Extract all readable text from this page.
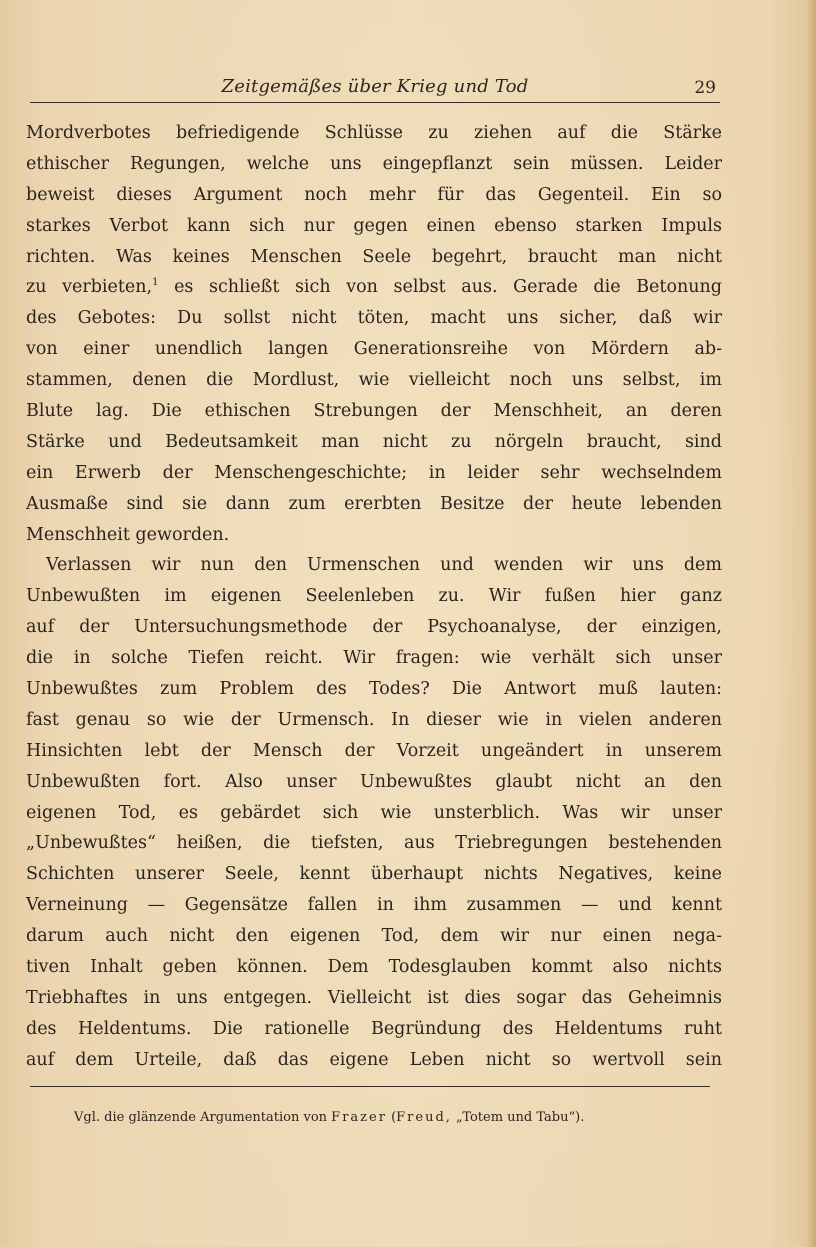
Zeitgemäßes über Krieg und Tod	29
Mordverbotes befriedigende Schlüsse zu ziehen auf die Stärke
ethischer Regungen, welche uns eingepflanzt sein müssen. Leider
beweist dieses Argument noch mehr für das Gegenteil. Ein so
starkes Verbot kann sich nur gegen einen ebenso starken Impuls
richten. Was keines Menschen Seele begehrt, braucht man nicht
zu verbieten,$^1$ es schließt sich von selbst aus. Gerade die Betonung
des Gebotes: Du sollst nicht töten, macht uns sicher, daß wir
von einer unendlich langen Generationsreihe von Mördern ab-
stammen, denen die Mordlust, wie vielleicht noch uns selbst, im
Blute lag. Die ethischen Strebungen der Menschheit, an deren
Stärke und Bedeutsamkeit man nicht zu nörgeln braucht, sind
ein Erwerb der Menschengeschichte; in leider sehr wechselndem
Ausmaße sind sie dann zum ererbten Besitze der heute lebenden
Menschheit geworden.
Verlassen wir nun den Urmenschen und wenden wir uns dem
Unbewußten im eigenen Seelenleben zu. Wir fußen hier ganz
auf der Untersuchungsmethode der Psychoanalyse, der einzigen,
die in solche Tiefen reicht. Wir fragen: wie verhält sich unser
Unbewußtes zum Problem des Todes? Die Antwort muß lauten:
fast genau so wie der Urmensch. In dieser wie in vielen anderen
Hinsichten lebt der Mensch der Vorzeit ungeändert in unserem
Unbewußten fort. Also unser Unbewußtes glaubt nicht an den
eigenen Tod, es gebärdet sich wie unsterblich. Was wir unser
„Unbewußtes“ heißen, die tiefsten, aus Triebregungen bestehenden
Schichten unserer Seele, kennt überhaupt nichts Negatives, keine
Verneinung — Gegensätze fallen in ihm zusammen — und kennt
darum auch nicht den eigenen Tod, dem wir nur einen nega-
tiven Inhalt geben können. Dem Todesglauben kommt also nichts
Triebhaftes in uns entgegen. Vielleicht ist dies sogar das Geheimnis
des Heldentums. Die rationelle Begründung des Heldentums ruht
auf dem Urteile, daß das eigene Leben nicht so wertvoll sein
Vgl. die glänzende Argumentation von Frazer (Freud, „Totem und Tabu“).
